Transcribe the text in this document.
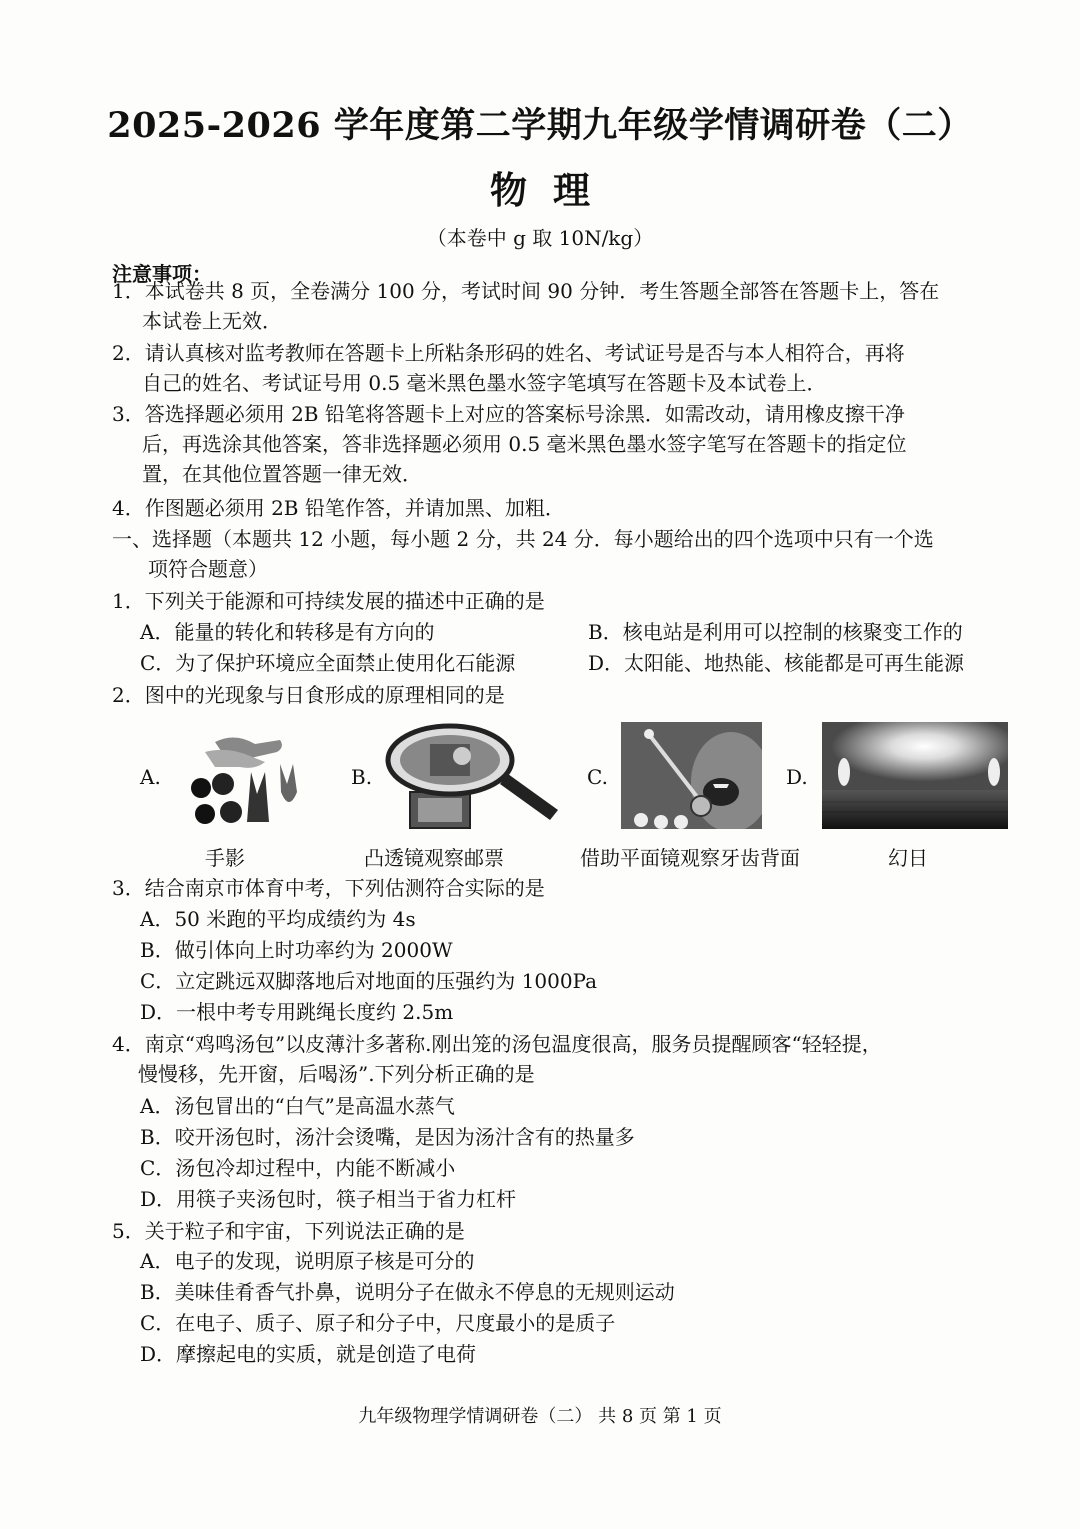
2025-2026 学年度第二学期九年级学情调研卷（二）
物理
（本卷中 g 取 10N/kg）
注意事项：
1．本试卷共 8 页，全卷满分 100 分，考试时间 90 分钟．考生答题全部答在答题卡上，答在
本试卷上无效．
2．请认真核对监考教师在答题卡上所粘条形码的姓名、考试证号是否与本人相符合，再将
自己的姓名、考试证号用 0.5 毫米黑色墨水签字笔填写在答题卡及本试卷上．
3．答选择题必须用 2B 铅笔将答题卡上对应的答案标号涂黑．如需改动，请用橡皮擦干净
后，再选涂其他答案，答非选择题必须用 0.5 毫米黑色墨水签字笔写在答题卡的指定位
置，在其他位置答题一律无效．
4．作图题必须用 2B 铅笔作答，并请加黑、加粗．
一、选择题（本题共 12 小题，每小题 2 分，共 24 分．每小题给出的四个选项中只有一个选
项符合题意）
1．下列关于能源和可持续发展的描述中正确的是
A．能量的转化和转移是有方向的	B．核电站是利用可以控制的核聚变工作的
C．为了保护环境应全面禁止使用化石能源	D．太阳能、地热能、核能都是可再生能源
2．图中的光现象与日食形成的原理相同的是
A.	B.	C.	D.
手影	凸透镜观察邮票	借助平面镜观察牙齿背面	幻日
3．结合南京市体育中考，下列估测符合实际的是
A．50 米跑的平均成绩约为 4s
B．做引体向上时功率约为 2000W
C．立定跳远双脚落地后对地面的压强约为 1000Pa
D．一根中考专用跳绳长度约 2.5m
4．南京“鸡鸣汤包”以皮薄汁多著称.刚出笼的汤包温度很高，服务员提醒顾客“轻轻提，
慢慢移，先开窗，后喝汤”.下列分析正确的是
A．汤包冒出的“白气”是高温水蒸气
B．咬开汤包时，汤汁会烫嘴，是因为汤汁含有的热量多
C．汤包冷却过程中，内能不断减小
D．用筷子夹汤包时，筷子相当于省力杠杆
5．关于粒子和宇宙，下列说法正确的是
A．电子的发现，说明原子核是可分的
B．美味佳肴香气扑鼻，说明分子在做永不停息的无规则运动
C．在电子、质子、原子和分子中，尺度最小的是质子
D．摩擦起电的实质，就是创造了电荷
九年级物理学情调研卷（二） 共 8 页 第 1 页
